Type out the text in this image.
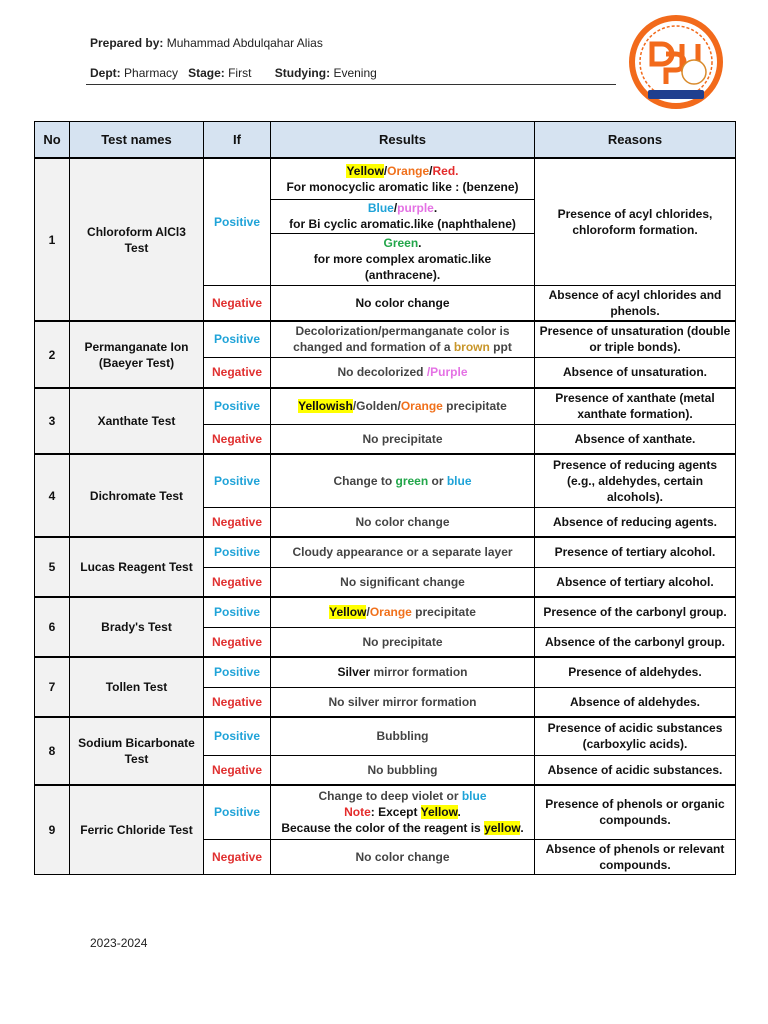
Prepared by: Muhammad Abdulqahar Alias
Dept: Pharmacy Stage: First Studying: Evening
No	Test names	If	Results	Reasons
1	Chloroform AlCl3 Test	Positive	Yellow/Orange/Red.
For monocyclic aromatic like : (benzene)	Presence of acyl chlorides, chloroform formation.
			Blue/purple.
for Bi cyclic aromatic.like (naphthalene)	
			Green.
for more complex aromatic.like (anthracene).	
		Negative	No color change	Absence of acyl chlorides and phenols.
2	Permanganate Ion (Baeyer Test)	Positive	Decolorization/permanganate color is changed and formation of a brown ppt	Presence of unsaturation (double or triple bonds).
		Negative	No decolorized /Purple	Absence of unsaturation.
3	Xanthate Test	Positive	Yellowish/Golden/Orange precipitate	Presence of xanthate (metal xanthate formation).
		Negative	No precipitate	Absence of xanthate.
4	Dichromate Test	Positive	Change to green or blue	Presence of reducing agents (e.g., aldehydes, certain alcohols).
		Negative	No color change	Absence of reducing agents.
5	Lucas Reagent Test	Positive	Cloudy appearance or a separate layer	Presence of tertiary alcohol.
		Negative	No significant change	Absence of tertiary alcohol.
6	Brady's Test	Positive	Yellow/Orange precipitate	Presence of the carbonyl group.
		Negative	No precipitate	Absence of the carbonyl group.
7	Tollen Test	Positive	Silver mirror formation	Presence of aldehydes.
		Negative	No silver mirror formation	Absence of aldehydes.
8	Sodium Bicarbonate Test	Positive	Bubbling	Presence of acidic substances (carboxylic acids).
		Negative	No bubbling	Absence of acidic substances.
9	Ferric Chloride Test	Positive	Change to deep violet or blue
Note: Except Yellow.
Because the color of the reagent is yellow.	Presence of phenols or organic compounds.
		Negative	No color change	Absence of phenols or relevant compounds.
2023-2024
